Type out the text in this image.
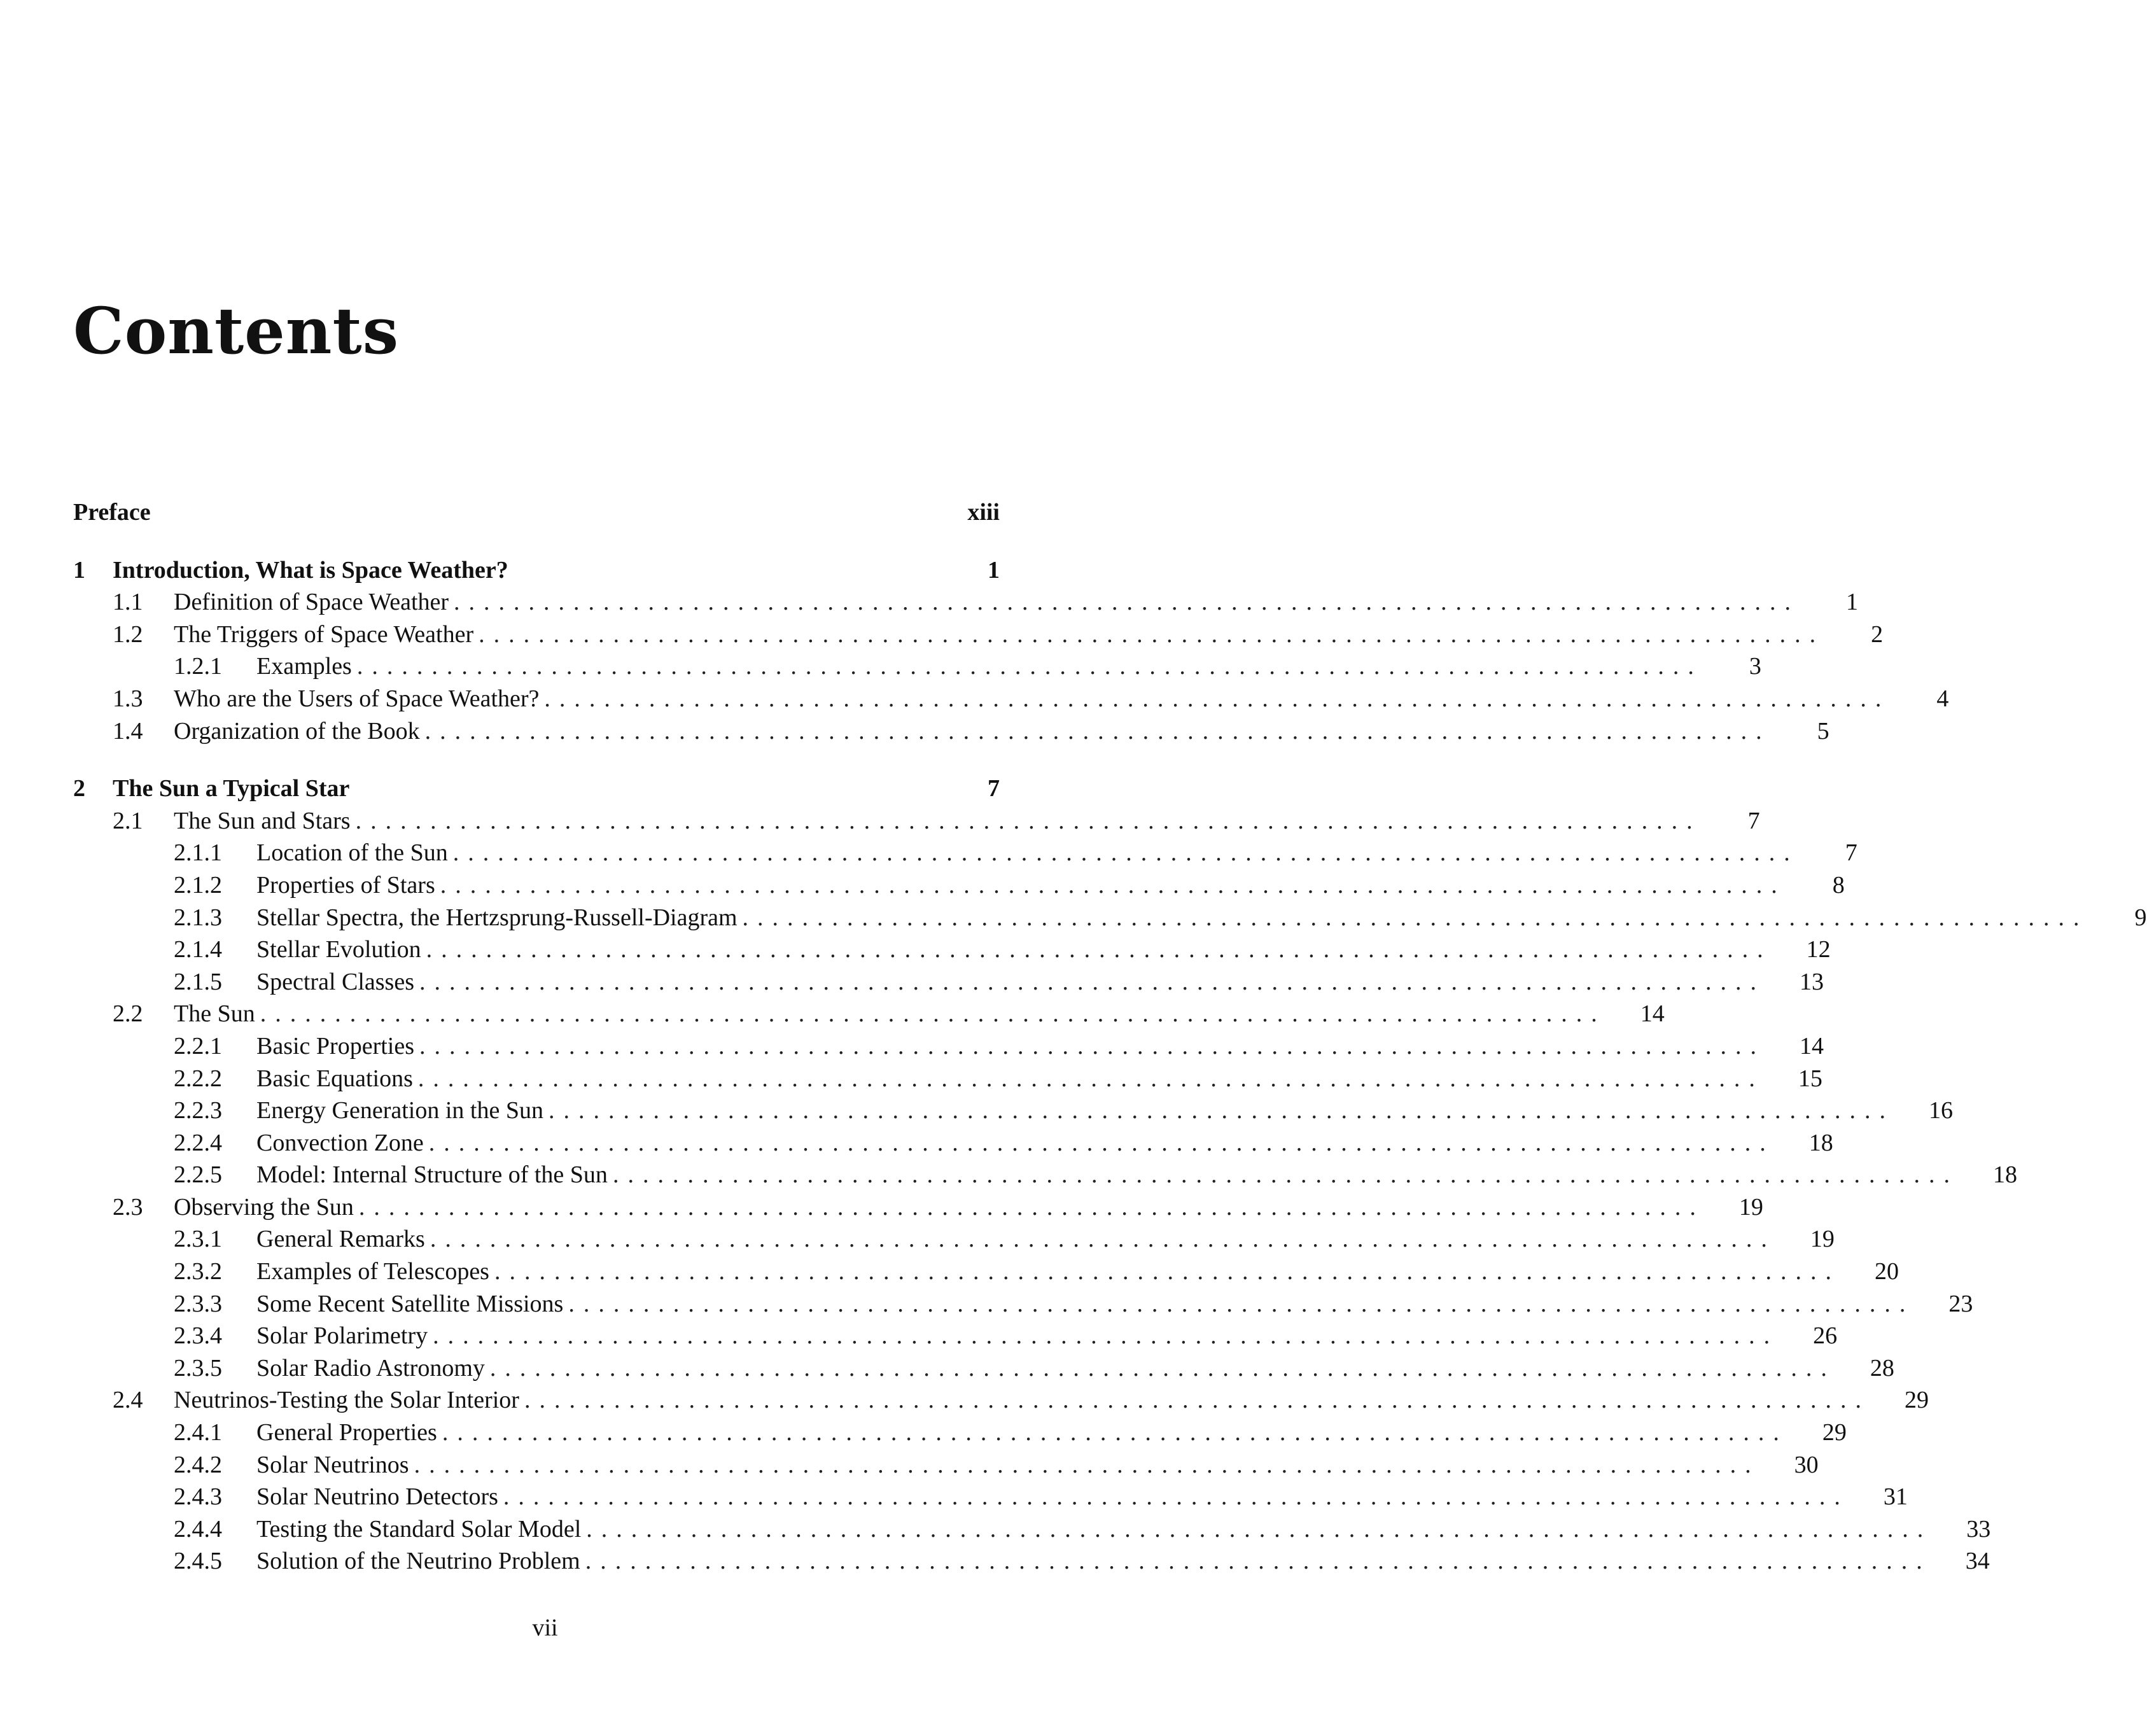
Contents
Preface	xiii
1	Introduction, What is Space Weather?	1
1.1	Definition of Space Weather ..........................................................................................	1
1.2	The Triggers of Space Weather ..........................................................................................	2
1.2.1	Examples ..........................................................................................	3
1.3	Who are the Users of Space Weather? ..........................................................................................	4
1.4	Organization of the Book ..........................................................................................	5
2	The Sun a Typical Star	7
2.1	The Sun and Stars ..........................................................................................	7
2.1.1	Location of the Sun ..........................................................................................	7
2.1.2	Properties of Stars ..........................................................................................	8
2.1.3	Stellar Spectra, the Hertzsprung-Russell-Diagram ..........................................................................................	9
2.1.4	Stellar Evolution ..........................................................................................	12
2.1.5	Spectral Classes ..........................................................................................	13
2.2	The Sun ..........................................................................................	14
2.2.1	Basic Properties ..........................................................................................	14
2.2.2	Basic Equations ..........................................................................................	15
2.2.3	Energy Generation in the Sun ..........................................................................................	16
2.2.4	Convection Zone ..........................................................................................	18
2.2.5	Model: Internal Structure of the Sun ..........................................................................................	18
2.3	Observing the Sun ..........................................................................................	19
2.3.1	General Remarks ..........................................................................................	19
2.3.2	Examples of Telescopes ..........................................................................................	20
2.3.3	Some Recent Satellite Missions ..........................................................................................	23
2.3.4	Solar Polarimetry ..........................................................................................	26
2.3.5	Solar Radio Astronomy ..........................................................................................	28
2.4	Neutrinos-Testing the Solar Interior ..........................................................................................	29
2.4.1	General Properties ..........................................................................................	29
2.4.2	Solar Neutrinos ..........................................................................................	30
2.4.3	Solar Neutrino Detectors ..........................................................................................	31
2.4.4	Testing the Standard Solar Model ..........................................................................................	33
2.4.5	Solution of the Neutrino Problem ..........................................................................................	34
vii
